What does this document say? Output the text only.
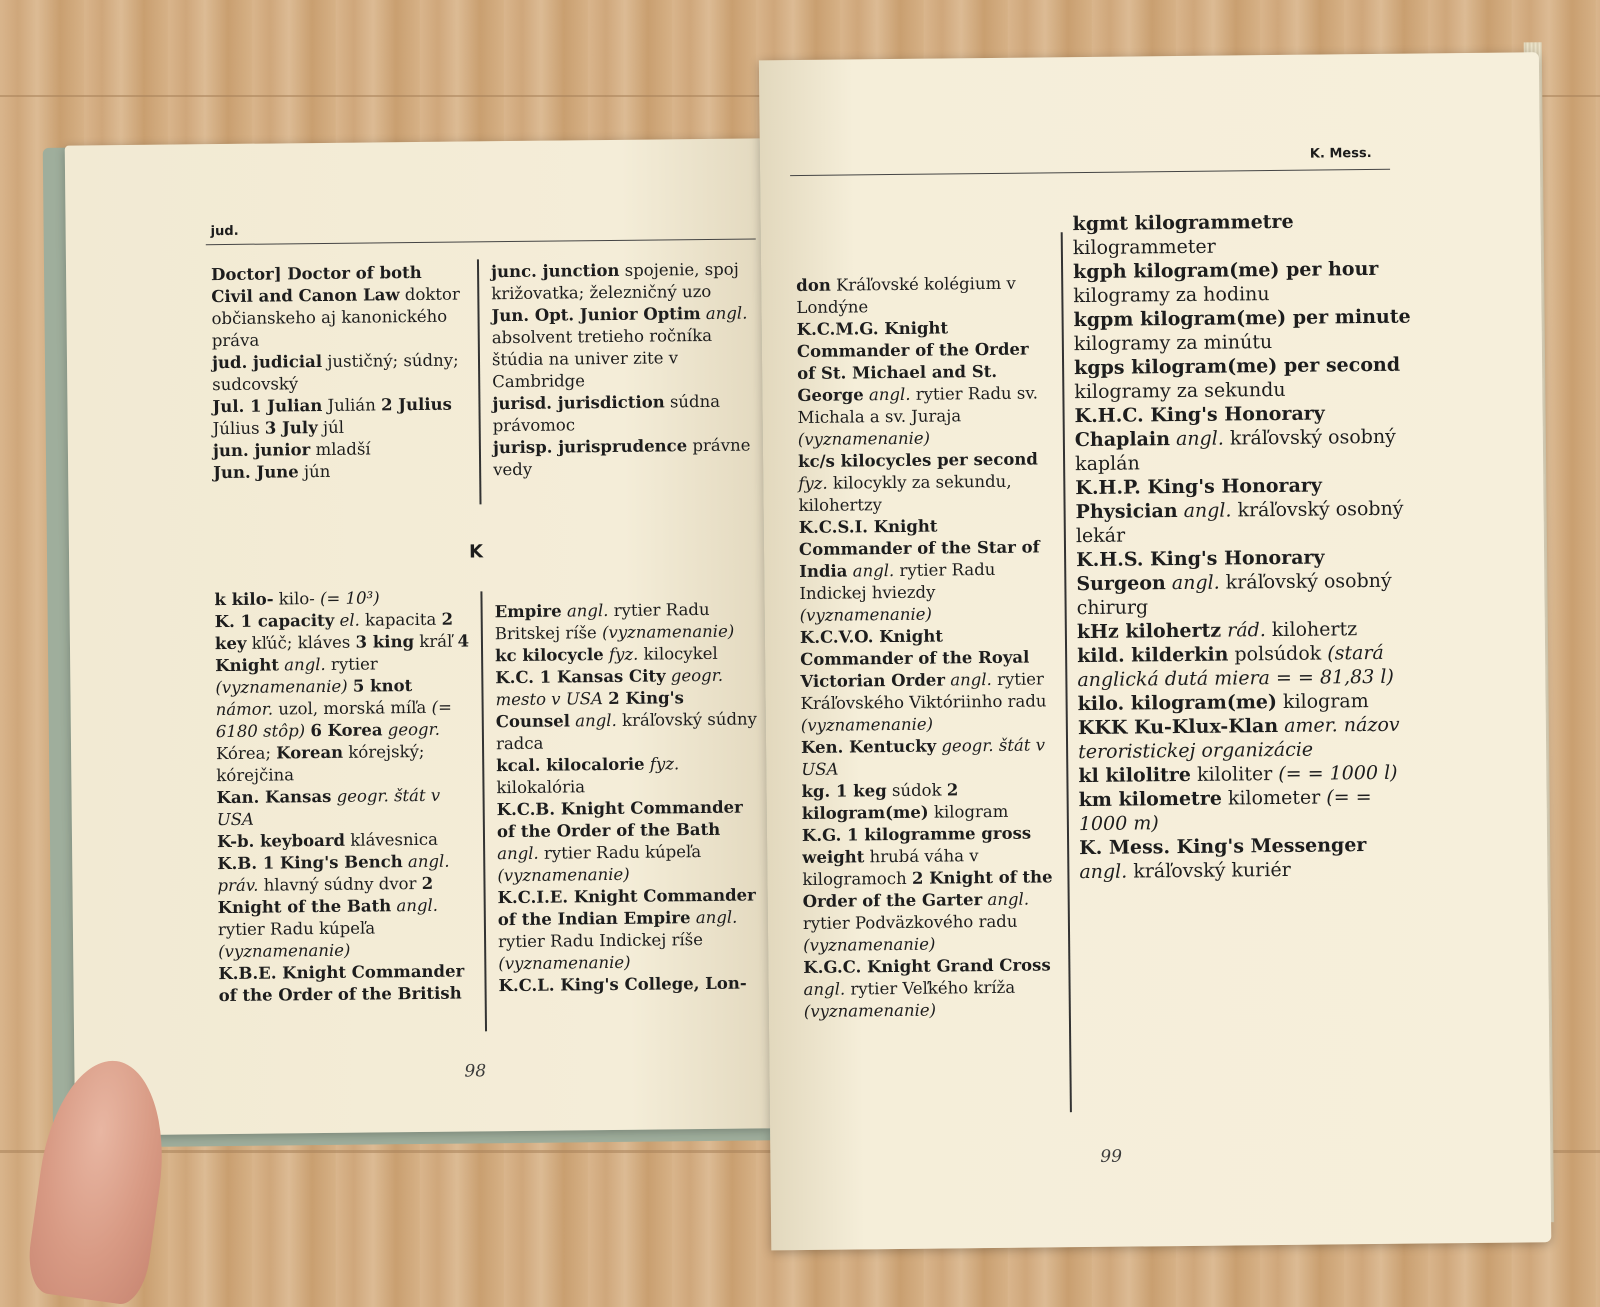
jud.

Doctor] Doctor of both Civil and Canon Law doktor občianskeho aj kanonického práva

jud. judicial justičný; súdny; sudcovský

Jul. 1 Julian Julián 2 Julius Július 3 July júl

jun. junior mladší

Jun. June jún

junc. junction spojenie, spoj križovatka; železničný uzo

Jun. Opt. Junior Optim angl. absolvent tretieho ročníka štúdia na univer zite v Cambridge

jurisd. jurisdiction súdna právomoc

jurisp. jurisprudence právne vedy

K

k kilo- kilo- (= 10³)

K. 1 capacity el. kapacita 2 key kľúč; kláves 3 king kráľ 4 Knight angl. rytier (vyznamenanie) 5 knot námor. uzol, morská míľa (= 6180 stôp) 6 Korea geogr. Kórea; Korean kórejský; kórejčina

Kan. Kansas geogr. štát v USA

K-b. keyboard klávesnica

K.B. 1 King's Bench angl. práv. hlavný súdny dvor 2 Knight of the Bath angl. rytier Radu kúpeľa (vyznamenanie)

K.B.E. Knight Commander of the Order of the British

Empire angl. rytier Radu Britskej ríše (vyznamenanie)

kc kilocycle fyz. kilocykel

K.C. 1 Kansas City geogr. mesto v USA 2 King's Counsel angl. kráľovský súdny radca

kcal. kilocalorie fyz. kilokalória

K.C.B. Knight Commander of the Order of the Bath angl. rytier Radu kúpeľa (vyznamenanie)

K.C.I.E. Knight Commander of the Indian Empire angl. rytier Radu Indickej ríše (vyznamenanie)

K.C.L. King's College, Lon-

98
K. Mess.

don Kráľovské kolégium v Londýne

K.C.M.G. Knight Commander of the Order of St. Michael and St. George angl. rytier Radu sv. Michala a sv. Juraja (vyznamenanie)

kc/s kilocycles per second fyz. kilocykly za sekundu, kilohertzy

K.C.S.I. Knight Commander of the Star of India angl. rytier Radu Indickej hviezdy (vyznamenanie)

K.C.V.O. Knight Commander of the Royal Victorian Order angl. rytier Kráľovského Viktóriinho radu (vyznamenanie)

Ken. Kentucky geogr. štát v USA

kg. 1 keg súdok 2 kilogram(me) kilogram

K.G. 1 kilogramme gross weight hrubá váha v kilogramoch 2 Knight of the Order of the Garter angl. rytier Podväzkového radu (vyznamenanie)

K.G.C. Knight Grand Cross angl. rytier Veľkého kríža (vyznamenanie)

kgmt kilogrammetre kilogrammeter

kgph kilogram(me) per hour kilogramy za hodinu

kgpm kilogram(me) per minute kilogramy za minútu

kgps kilogram(me) per second kilogramy za sekundu

K.H.C. King's Honorary Chaplain angl. kráľovský osobný kaplán

K.H.P. King's Honorary Physician angl. kráľovský osobný lekár

K.H.S. King's Honorary Surgeon angl. kráľovský osobný chirurg

kHz kilohertz rád. kilohertz

kild. kilderkin polsúdok (stará anglická dutá miera = = 81,83 l)

kilo. kilogram(me) kilogram

KKK Ku-Klux-Klan amer. názov teroristickej organizácie

kl kilolitre kiloliter (= = 1000 l)

km kilometre kilometer (= = 1000 m)

K. Mess. King's Messenger angl. kráľovský kuriér

99
